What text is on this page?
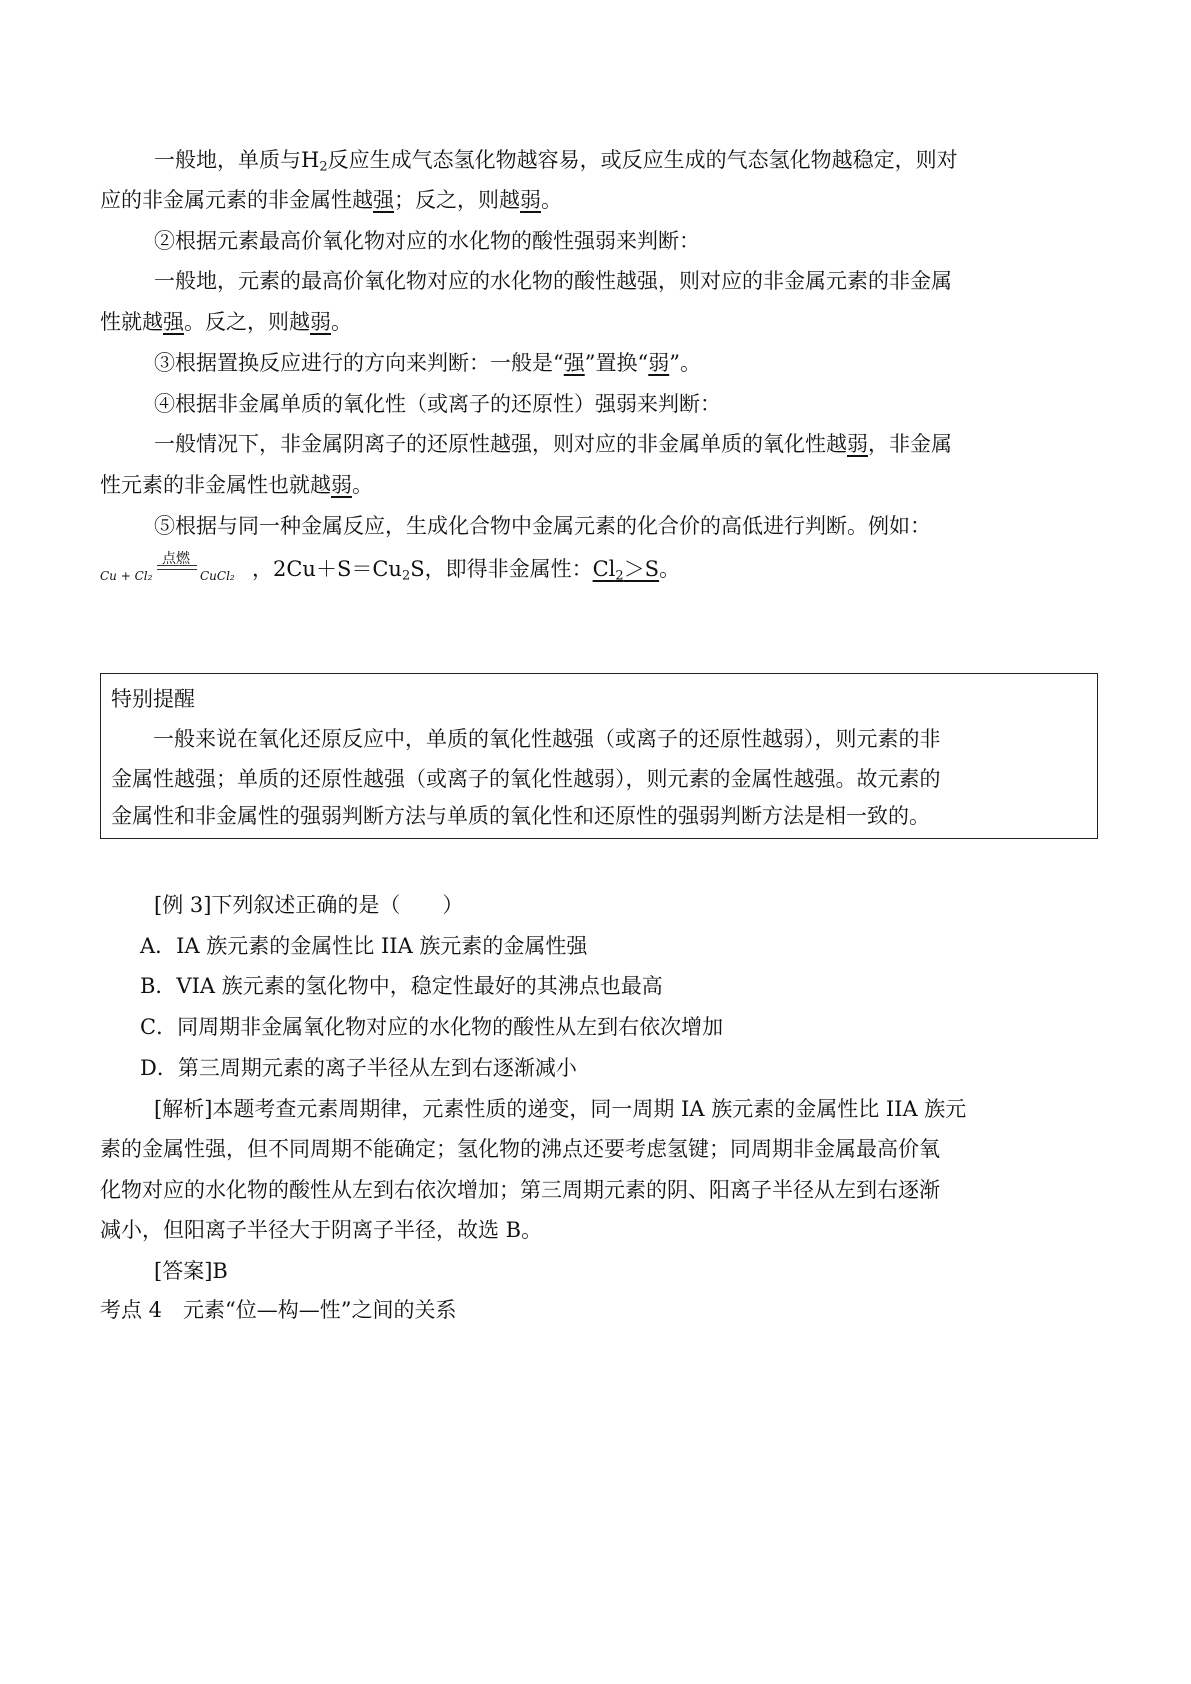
一般地，单质与$H_2$反应生成气态氢化物越容易，或反应生成的气态氢化物越稳定，则对
应的非金属元素的非金属性越强；反之，则越弱。
②根据元素最高价氧化物对应的水化物的酸性强弱来判断：
一般地，元素的最高价氧化物对应的水化物的酸性越强，则对应的非金属元素的非金属
性就越强。反之，则越弱。
③根据置换反应进行的方向来判断：一般是“强”置换“弱”。
④根据非金属单质的氧化性（或离子的还原性）强弱来判断：
一般情况下，非金属阴离子的还原性越强，则对应的非金属单质的氧化性越弱，非金属
性元素的非金属性也就越弱。
⑤根据与同一种金属反应，生成化合物中金属元素的化合价的高低进行判断。例如：
Cu + Cl₂
点燃
CuCl₂ ，$2Cu+S=Cu_2S$，即得非金属性：$Cl_2>S$。
特别提醒
一般来说在氧化还原反应中，单质的氧化性越强（或离子的还原性越弱），则元素的非
金属性越强；单质的还原性越强（或离子的氧化性越弱），则元素的金属性越强。故元素的
金属性和非金属性的强弱判断方法与单质的氧化性和还原性的强弱判断方法是相一致的。
[例 3]下列叙述正确的是（　　）
A．IA 族元素的金属性比 IIA 族元素的金属性强
B．VIA 族元素的氢化物中，稳定性最好的其沸点也最高
C．同周期非金属氧化物对应的水化物的酸性从左到右依次增加
D．第三周期元素的离子半径从左到右逐渐减小
[解析]本题考查元素周期律，元素性质的递变，同一周期 IA 族元素的金属性比 IIA 族元
素的金属性强，但不同周期不能确定；氢化物的沸点还要考虑氢键；同周期非金属最高价氧
化物对应的水化物的酸性从左到右依次增加；第三周期元素的阴、阳离子半径从左到右逐渐
减小，但阳离子半径大于阴离子半径，故选 B。
[答案]B
考点 4　元素“位—构—性”之间的关系
